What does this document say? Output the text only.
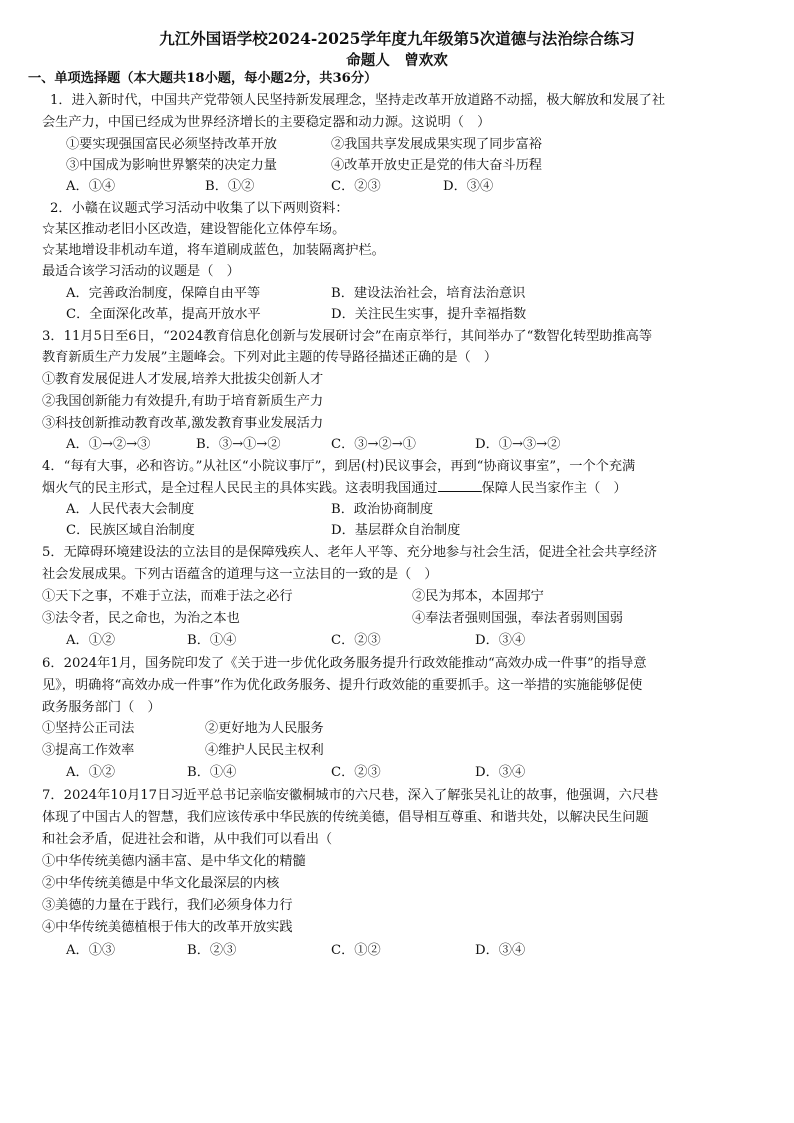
九江外国语学校2024-2025学年度九年级第5次道德与法治综合练习
命题人　曾欢欢
一、单项选择题（本大题共18小题，每小题2分，共36分）
1．进入新时代，中国共产党带领人民坚持新发展理念，坚持走改革开放道路不动摇，极大解放和发展了社
会生产力，中国已经成为世界经济增长的主要稳定器和动力源。这说明（　）
①要实现强国富民必须坚持改革开放	②我国共享发展成果实现了同步富裕
③中国成为影响世界繁荣的决定力量	④改革开放史正是党的伟大奋斗历程
A．①④	B．①②	C．②③	D．③④
2．小赣在议题式学习活动中收集了以下两则资料：
☆某区推动老旧小区改造，建设智能化立体停车场。
☆某地增设非机动车道，将车道刷成蓝色，加装隔离护栏。
最适合该学习活动的议题是（　）
A．完善政治制度，保障自由平等	B．建设法治社会，培育法治意识
C．全面深化改革，提高开放水平	D．关注民生实事，提升幸福指数
3．11月5日至6日，“2024教育信息化创新与发展研讨会”在南京举行，其间举办了“数智化转型助推高等
教育新质生产力发展”主题峰会。下列对此主题的传导路径描述正确的是（　）
①教育发展促进人才发展,培养大批拔尖创新人才
②我国创新能力有效提升,有助于培育新质生产力
③科技创新推动教育改革,激发教育事业发展活力
A．①→②→③	B．③→①→②	C．③→②→①	D．①→③→②
4．“每有大事，必和咨访。”从社区“小院议事厅”，到居(村)民议事会，再到“协商议事室”，一个个充满
烟火气的民主形式，是全过程人民民主的具体实践。这表明我国通过	保障人民当家作主（　）
A．人民代表大会制度	B．政治协商制度
C．民族区域自治制度	D．基层群众自治制度
5．无障碍环境建设法的立法目的是保障残疾人、老年人平等、充分地参与社会生活，促进全社会共享经济
社会发展成果。下列古语蕴含的道理与这一立法目的一致的是（　）
①天下之事，不难于立法，而难于法之必行	②民为邦本，本固邦宁
③法令者，民之命也，为治之本也	④奉法者强则国强，奉法者弱则国弱
A．①②	B．①④	C．②③	D．③④
6．2024年1月，国务院印发了《关于进一步优化政务服务提升行政效能推动“高效办成一件事”的指导意
见》，明确将“高效办成一件事”作为优化政务服务、提升行政效能的重要抓手。这一举措的实施能够促使
政务服务部门（　）
①坚持公正司法	②更好地为人民服务
③提高工作效率	④维护人民民主权利
A．①②	B．①④	C．②③	D．③④
7．2024年10月17日习近平总书记亲临安徽桐城市的六尺巷，深入了解张吴礼让的故事，他强调，六尺巷
体现了中国古人的智慧，我们应该传承中华民族的传统美德，倡导相互尊重、和谐共处，以解决民生问题
和社会矛盾，促进社会和谐，从中我们可以看出（
①中华传统美德内涵丰富、是中华文化的精髓
②中华传统美德是中华文化最深层的内核
③美德的力量在于践行，我们必须身体力行
④中华传统美德植根于伟大的改革开放实践
A．①③	B．②③	C．①②	D．③④
